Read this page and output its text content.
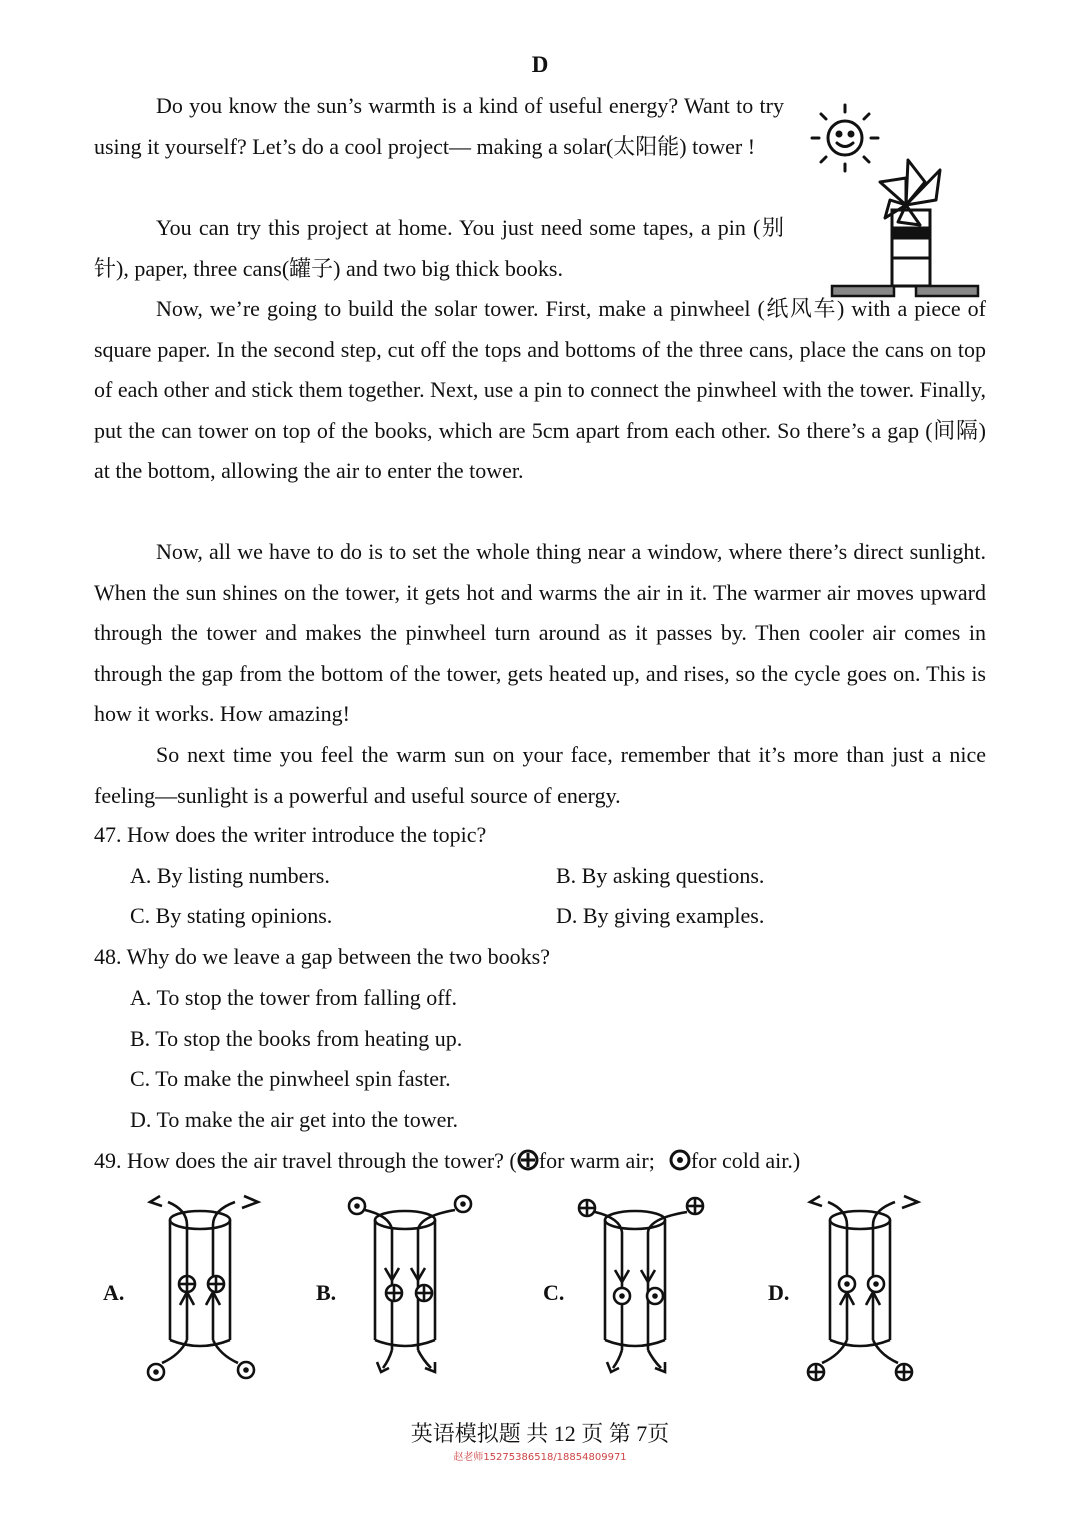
D

Do you know the sun’s warmth is a kind of useful energy? Want to try using it yourself? Let’s do a cool project— making a solar(太阳能) tower !

You can try this project at home. You just need some tapes, a pin (别针), paper, three cans(罐子) and two big thick books.

Now, we’re going to build the solar tower. First, make a pinwheel (纸风车) with a piece of square paper. In the second step, cut off the tops and bottoms of the three cans, place the cans on top of each other and stick them together. Next, use a pin to connect the pinwheel with the tower. Finally, put the can tower on top of the books, which are 5cm apart from each other. So there’s a gap (间隔) at the bottom, allowing the air to enter the tower.

Now, all we have to do is to set the whole thing near a window, where there’s direct sunlight. When the sun shines on the tower, it gets hot and warms the air in it. The warmer air moves upward through the tower and makes the pinwheel turn around as it passes by. Then cooler air comes in through the gap from the bottom of the tower, gets heated up, and rises, so the cycle goes on. This is how it works. How amazing!

So next time you feel the warm sun on your face, remember that it’s more than just a nice feeling—sunlight is a powerful and useful source of energy.

47. How does the writer introduce the topic?

A. By listing numbers.	B. By asking questions.

C. By stating opinions.	D. By giving examples.

48. Why do we leave a gap between the two books?

A. To stop the tower from falling off.

B. To stop the books from heating up.

C. To make the pinwheel spin faster.

D. To make the air get into the tower.

49. How does the air travel through the tower? ( for warm air; for cold air.)

A.	B.	C.	D.
英语模拟题 共 12 页 第 7页
赵老师15275386518/18854809971
